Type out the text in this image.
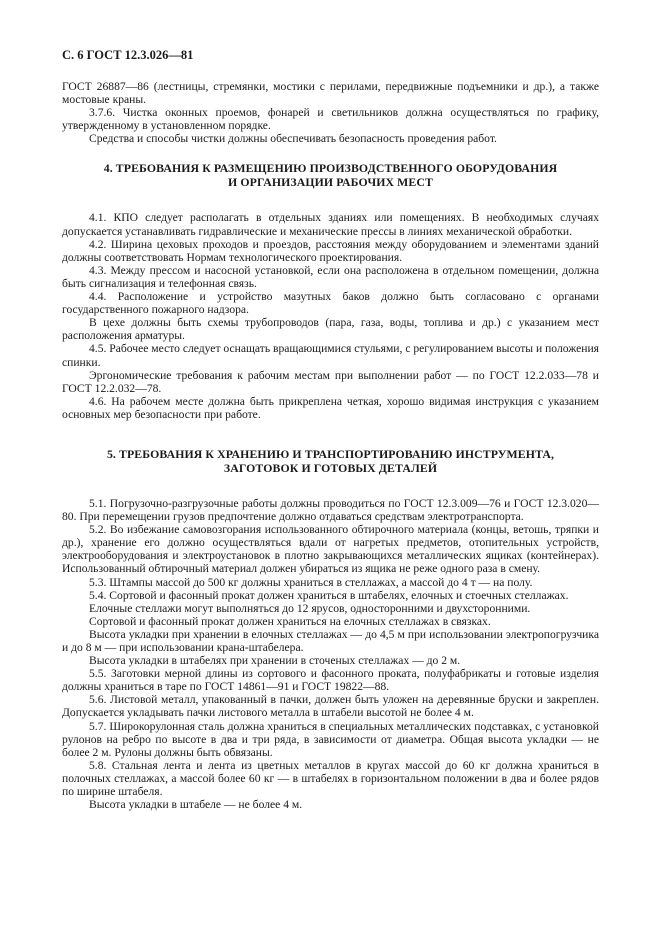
С. 6 ГОСТ 12.3.026—81

ГОСТ 26887—86 (лестницы, стремянки, мостики с перилами, передвижные подъемники и др.), а также мостовые краны.

3.7.6. Чистка оконных проемов, фонарей и светильников должна осуществляться по графику, утвержденному в установленном порядке.

Средства и способы чистки должны обеспечивать безопасность проведения работ.

4. ТРЕБОВАНИЯ К РАЗМЕЩЕНИЮ ПРОИЗВОДСТВЕННОГО ОБОРУДОВАНИЯ
И ОРГАНИЗАЦИИ РАБОЧИХ МЕСТ

4.1. КПО следует располагать в отдельных зданиях или помещениях. В необходимых случаях допускается устанавливать гидравлические и механические прессы в линиях механической обработки.

4.2. Ширина цеховых проходов и проездов, расстояния между оборудованием и элементами зданий должны соответствовать Нормам технологического проектирования.

4.3. Между прессом и насосной установкой, если она расположена в отдельном помещении, должна быть сигнализация и телефонная связь.

4.4. Расположение и устройство мазутных баков должно быть согласовано с органами государственного пожарного надзора.

В цехе должны быть схемы трубопроводов (пара, газа, воды, топлива и др.) с указанием мест расположения арматуры.

4.5. Рабочее место следует оснащать вращающимися стульями, с регулированием высоты и положения спинки.

Эргономические требования к рабочим местам при выполнении работ — по ГОСТ 12.2.033—78 и ГОСТ 12.2.032—78.

4.6. На рабочем месте должна быть прикреплена четкая, хорошо видимая инструкция с указанием основных мер безопасности при работе.

5. ТРЕБОВАНИЯ К ХРАНЕНИЮ И ТРАНСПОРТИРОВАНИЮ ИНСТРУМЕНТА,
ЗАГОТОВОК И ГОТОВЫХ ДЕТАЛЕЙ

5.1. Погрузочно-разгрузочные работы должны проводиться по ГОСТ 12.3.009—76 и ГОСТ 12.3.020—80. При перемещении грузов предпочтение должно отдаваться средствам электротранспорта.

5.2. Во избежание самовозгорания использованного обтирочного материала (концы, ветошь, тряпки и др.), хранение его должно осуществляться вдали от нагретых предметов, отопительных устройств, электрооборудования и электроустановок в плотно закрывающихся металлических ящиках (контейнерах). Использованный обтирочный материал должен убираться из ящика не реже одного раза в смену.

5.3. Штампы массой до 500 кг должны храниться в стеллажах, а массой до 4 т — на полу.

5.4. Сортовой и фасонный прокат должен храниться в штабелях, елочных и стоечных стеллажах.

Елочные стеллажи могут выполняться до 12 ярусов, односторонними и двухсторонними.

Сортовой и фасонный прокат должен храниться на елочных стеллажах в связках.

Высота укладки при хранении в елочных стеллажах — до 4,5 м при использовании электропогрузчика и до 8 м — при использовании крана-штабелера.

Высота укладки в штабелях при хранении в сточеных стеллажах — до 2 м.

5.5. Заготовки мерной длины из сортового и фасонного проката, полуфабрикаты и готовые изделия должны храниться в таре по ГОСТ 14861—91 и ГОСТ 19822—88.

5.6. Листовой металл, упакованный в пачки, должен быть уложен на деревянные бруски и закреплен. Допускается укладывать пачки листового металла в штабели высотой не более 4 м.

5.7. Широкорулонная сталь должна храниться в специальных металлических подставках, с установкой рулонов на ребро по высоте в два и три ряда, в зависимости от диаметра. Общая высота укладки — не более 2 м. Рулоны должны быть обвязаны.

5.8. Стальная лента и лента из цветных металлов в кругах массой до 60 кг должна храниться в полочных стеллажах, а массой более 60 кг — в штабелях в горизонтальном положении в два и более рядов по ширине штабеля.

Высота укладки в штабеле — не более 4 м.
